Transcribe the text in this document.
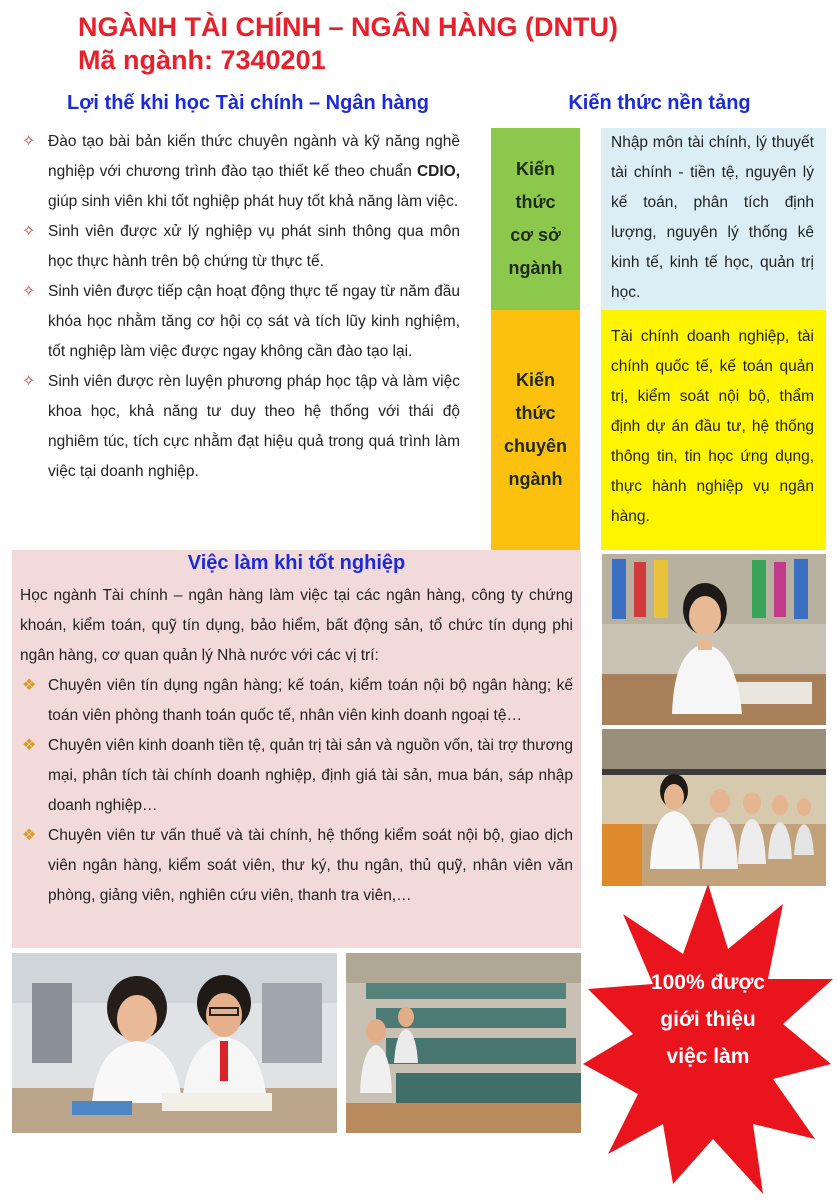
NGÀNH TÀI CHÍNH – NGÂN HÀNG (DNTU)
Mã ngành: 7340201
Lợi thế khi học Tài chính – Ngân hàng
✧ Đào tạo bài bản kiến thức chuyên ngành và kỹ năng nghề nghiệp với chương trình đào tạo thiết kế theo chuẩn CDIO, giúp sinh viên khi tốt nghiệp phát huy tốt khả năng làm việc.
✧ Sinh viên được xử lý nghiệp vụ phát sinh thông qua môn học thực hành trên bộ chứng từ thực tế.
✧ Sinh viên được tiếp cận hoạt động thực tế ngay từ năm đầu khóa học nhằm tăng cơ hội cọ sát và tích lũy kinh nghiệm, tốt nghiệp làm việc được ngay không cần đào tạo lại.
✧ Sinh viên được rèn luyện phương pháp học tập và làm việc khoa học, khả năng tư duy theo hệ thống với thái độ nghiêm túc, tích cực nhằm đạt hiệu quả trong quá trình làm việc tại doanh nghiệp.
Kiến thức nền tảng
Kiến
thức
cơ sở
ngành
Nhập môn tài chính, lý thuyết tài chính - tiền tệ, nguyên lý kế toán, phân tích định lượng, nguyên lý thống kê kinh tế, kinh tế học, quản trị học.
Kiến
thức
chuyên
ngành
Tài chính doanh nghiệp, tài chính quốc tế, kế toán quản trị, kiểm soát nội bộ, thẩm định dự án đầu tư, hệ thống thông tin, tin học ứng dụng, thực hành nghiệp vụ ngân hàng.
Việc làm khi tốt nghiệp
Học ngành Tài chính – ngân hàng làm việc tại các ngân hàng, công ty chứng khoán, kiểm toán, quỹ tín dụng, bảo hiểm, bất động sản, tổ chức tín dụng phi ngân hàng, cơ quan quản lý Nhà nước với các vị trí:
❖ Chuyên viên tín dụng ngân hàng; kế toán, kiểm toán nội bộ ngân hàng; kế toán viên phòng thanh toán quốc tế, nhân viên kinh doanh ngoại tệ…
❖ Chuyên viên kinh doanh tiền tệ, quản trị tài sản và nguồn vốn, tài trợ thương mại, phân tích tài chính doanh nghiệp, định giá tài sản, mua bán, sáp nhập doanh nghiệp…
❖ Chuyên viên tư vấn thuế và tài chính, hệ thống kiểm soát nội bộ, giao dịch viên ngân hàng, kiểm soát viên, thư ký, thu ngân, thủ quỹ, nhân viên văn phòng, giảng viên, nghiên cứu viên, thanh tra viên,…
100% được
giới thiệu
việc làm
